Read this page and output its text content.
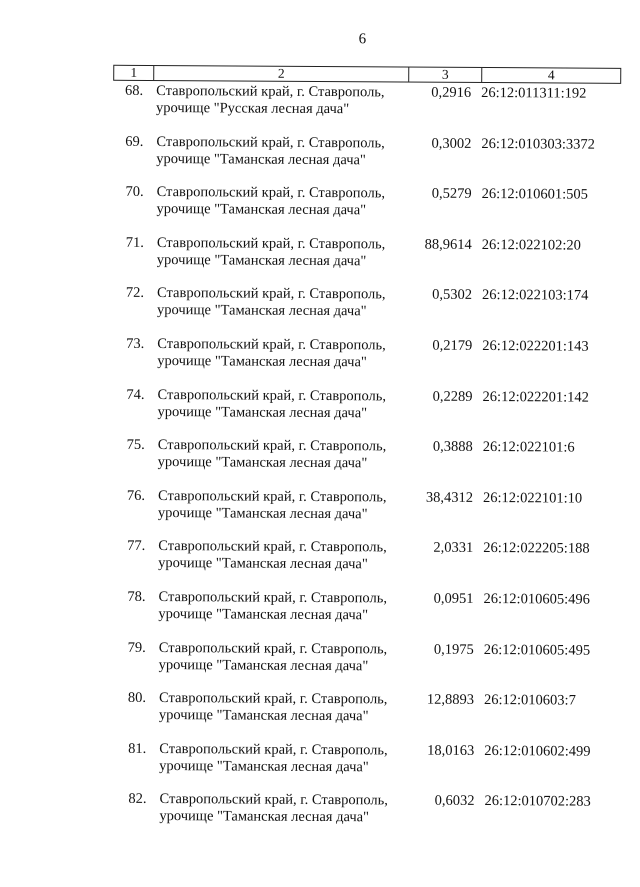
6
1	2	3	4
68. Ставропольский край, г. Ставрополь,
урочище "Русская лесная дача"
0,2916 26:12:011311:192
69. Ставропольский край, г. Ставрополь,
урочище "Таманская лесная дача"
0,3002 26:12:010303:3372
70. Ставропольский край, г. Ставрополь,
урочище "Таманская лесная дача"
0,5279 26:12:010601:505
71. Ставропольский край, г. Ставрополь,
урочище "Таманская лесная дача"
88,9614 26:12:022102:20
72. Ставропольский край, г. Ставрополь,
урочище "Таманская лесная дача"
0,5302 26:12:022103:174
73. Ставропольский край, г. Ставрополь,
урочище "Таманская лесная дача"
0,2179 26:12:022201:143
74. Ставропольский край, г. Ставрополь,
урочище "Таманская лесная дача"
0,2289 26:12:022201:142
75. Ставропольский край, г. Ставрополь,
урочище "Таманская лесная дача"
0,3888 26:12:022101:6
76. Ставропольский край, г. Ставрополь,
урочище "Таманская лесная дача"
38,4312 26:12:022101:10
77. Ставропольский край, г. Ставрополь,
урочище "Таманская лесная дача"
2,0331 26:12:022205:188
78. Ставропольский край, г. Ставрополь,
урочище "Таманская лесная дача"
0,0951 26:12:010605:496
79. Ставропольский край, г. Ставрополь,
урочище "Таманская лесная дача"
0,1975 26:12:010605:495
80. Ставропольский край, г. Ставрополь,
урочище "Таманская лесная дача"
12,8893 26:12:010603:7
81. Ставропольский край, г. Ставрополь,
урочище "Таманская лесная дача"
18,0163 26:12:010602:499
82. Ставропольский край, г. Ставрополь,
урочище "Таманская лесная дача"
0,6032 26:12:010702:283
